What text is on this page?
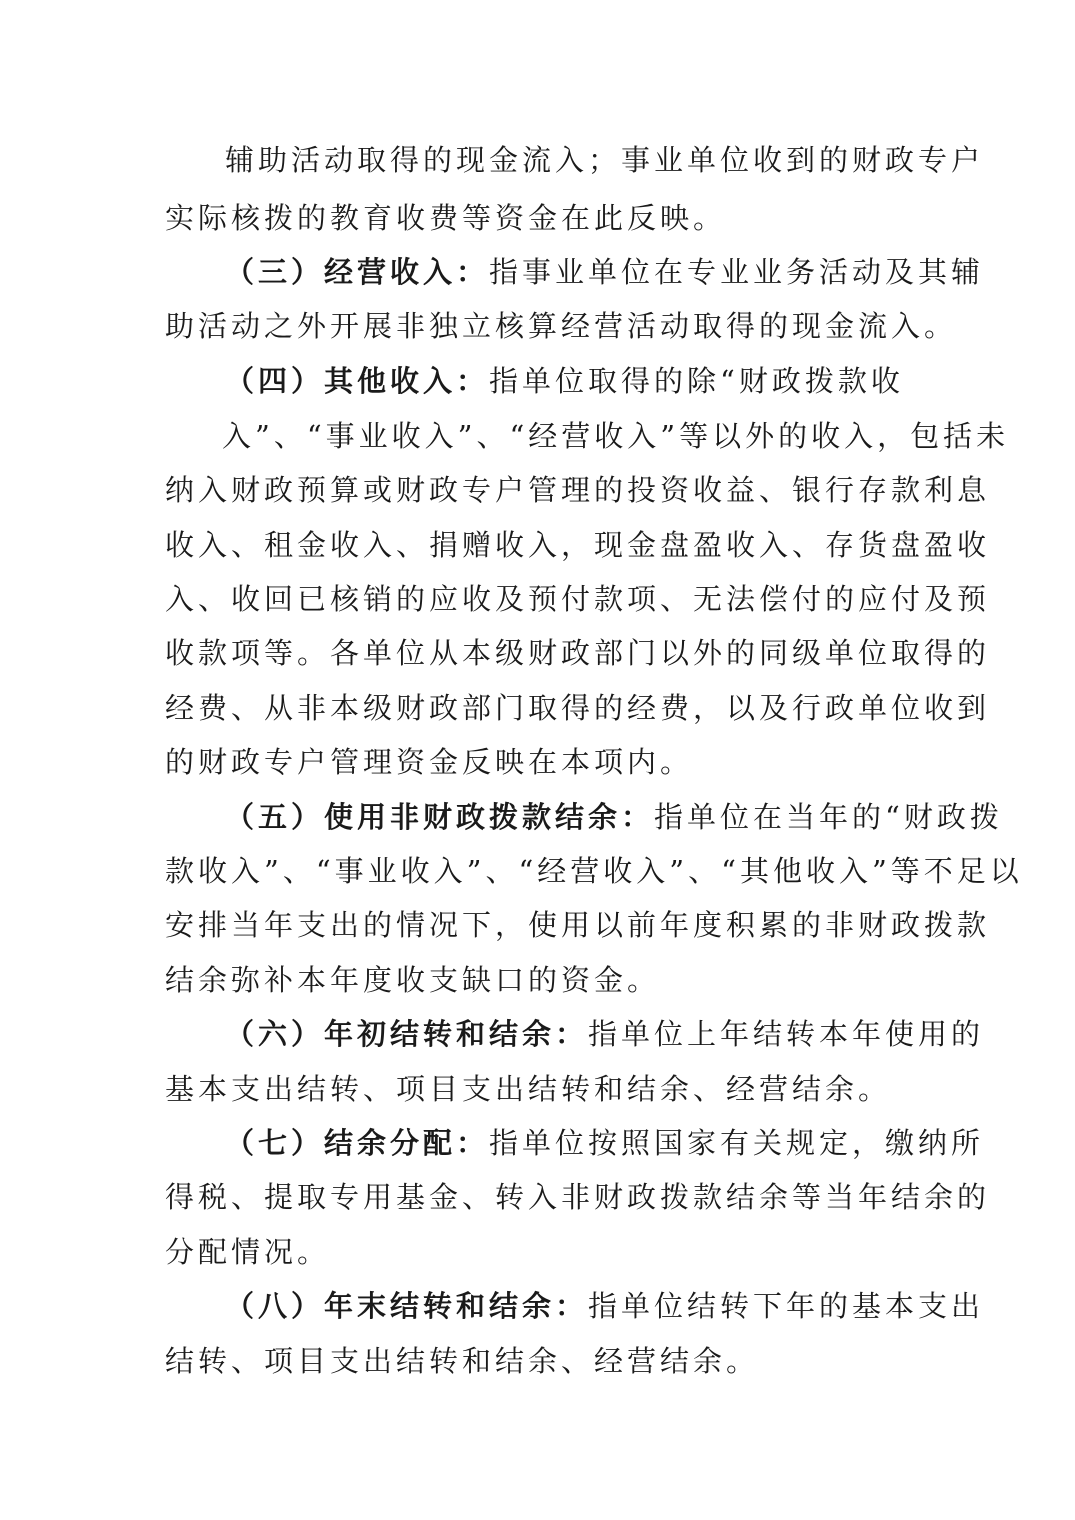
辅助活动取得的现金流入；事业单位收到的财政专户

实际核拨的教育收费等资金在此反映。

（三）经营收入：指事业单位在专业业务活动及其辅

助活动之外开展非独立核算经营活动取得的现金流入。

（四）其他收入：指单位取得的除“财政拨款收

入”、“事业收入”、“经营收入”等以外的收入，包括未

纳入财政预算或财政专户管理的投资收益、银行存款利息

收入、租金收入、捐赠收入，现金盘盈收入、存货盘盈收

入、收回已核销的应收及预付款项、无法偿付的应付及预

收款项等。各单位从本级财政部门以外的同级单位取得的

经费、从非本级财政部门取得的经费，以及行政单位收到

的财政专户管理资金反映在本项内。

（五）使用非财政拨款结余：指单位在当年的“财政拨

款收入”、“事业收入”、“经营收入”、“其他收入”等不足以

安排当年支出的情况下，使用以前年度积累的非财政拨款

结余弥补本年度收支缺口的资金。

（六）年初结转和结余：指单位上年结转本年使用的

基本支出结转、项目支出结转和结余、经营结余。

（七）结余分配：指单位按照国家有关规定，缴纳所

得税、提取专用基金、转入非财政拨款结余等当年结余的

分配情况。

（八）年末结转和结余：指单位结转下年的基本支出

结转、项目支出结转和结余、经营结余。
